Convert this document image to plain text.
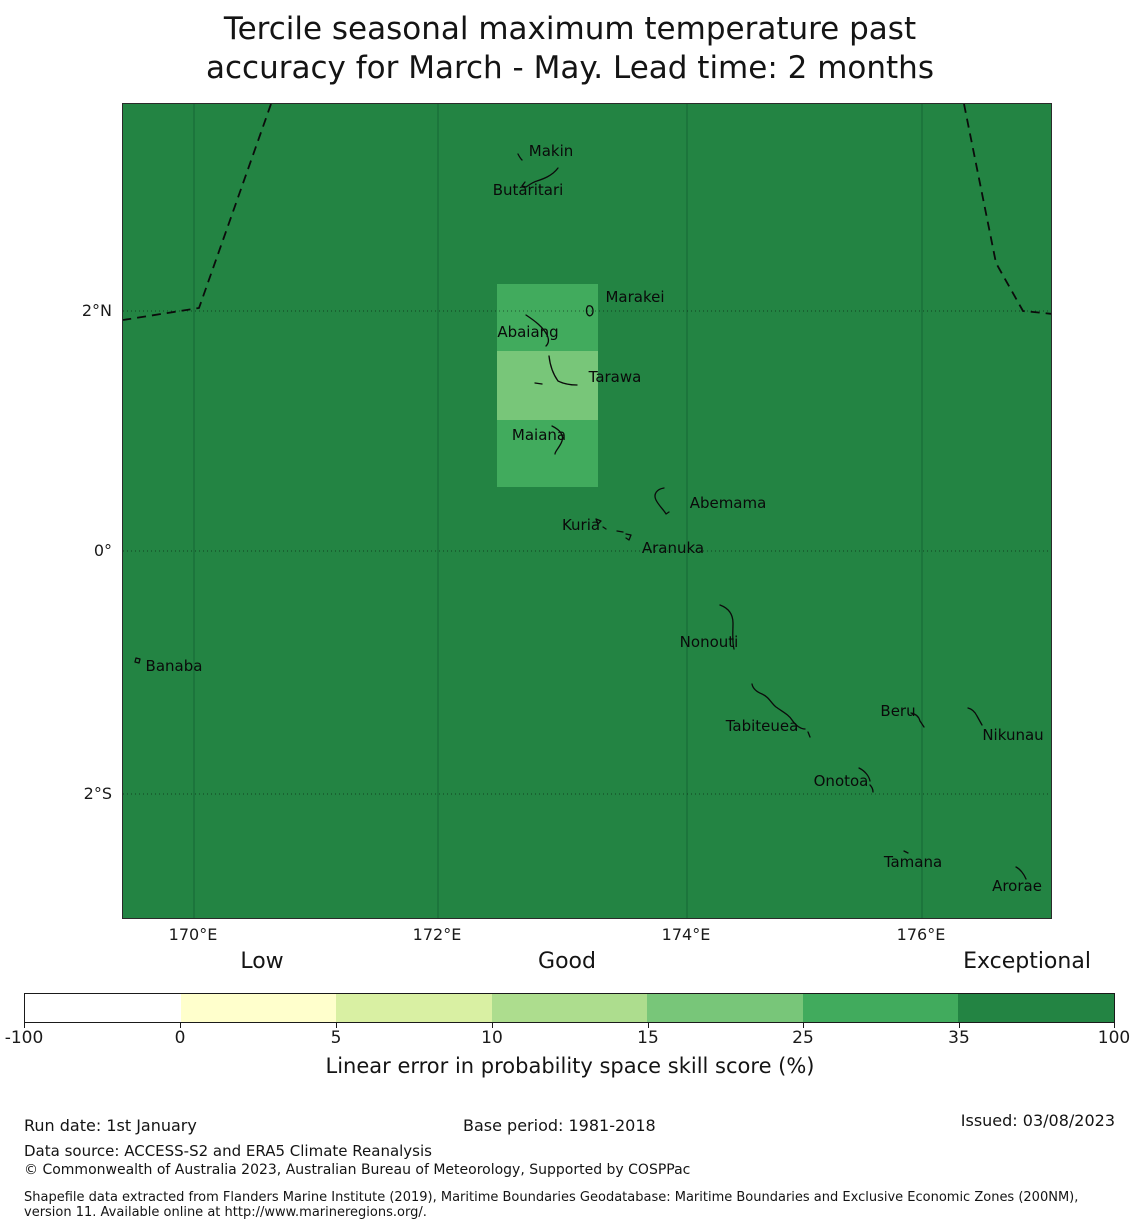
Tercile seasonal maximum temperature past
accuracy for March - May. Lead time: 2 months
Makin
Butaritari
Marakei
Abaiang
Tarawa
Maiana
Abemama
Kuria
Aranuka
Nonouti
Banaba
Tabiteuea
Beru
Nikunau
Onotoa
Tamana
Arorae
2°N
0°
2°S
170°E	172°E	174°E	176°E
Low	Good	Exceptional
-100	0	5	10	15	25	35	100
Linear error in probability space skill score (%)
Run date: 1st January	Base period: 1981-2018	Issued: 03/08/2023
Data source: ACCESS-S2 and ERA5 Climate Reanalysis
© Commonwealth of Australia 2023, Australian Bureau of Meteorology, Supported by COSPPac
Shapefile data extracted from Flanders Marine Institute (2019), Maritime Boundaries Geodatabase: Maritime Boundaries and Exclusive Economic Zones (200NM), version 11. Available online at http://www.marineregions.org/.
